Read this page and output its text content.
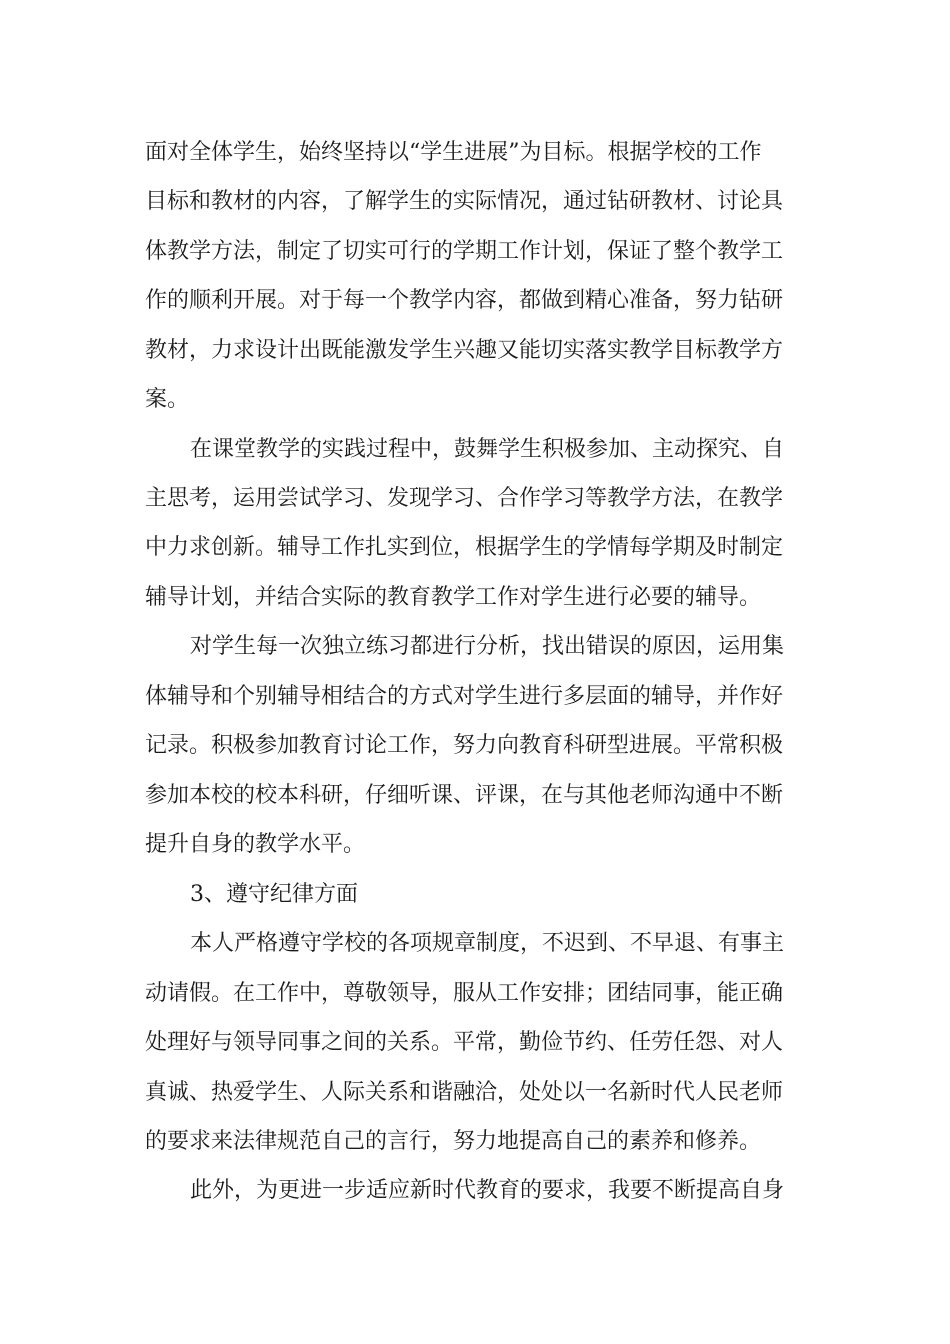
面对全体学生，始终坚持以“学生进展”为目标。根据学校的工作

目标和教材的内容，了解学生的实际情况，通过钻研教材、讨论具

体教学方法，制定了切实可行的学期工作计划，保证了整个教学工

作的顺利开展。对于每一个教学内容，都做到精心准备，努力钻研

教材，力求设计出既能激发学生兴趣又能切实落实教学目标教学方

案。

在课堂教学的实践过程中，鼓舞学生积极参加、主动探究、自

主思考，运用尝试学习、发现学习、合作学习等教学方法，在教学

中力求创新。辅导工作扎实到位，根据学生的学情每学期及时制定

辅导计划，并结合实际的教育教学工作对学生进行必要的辅导。

对学生每一次独立练习都进行分析，找出错误的原因，运用集

体辅导和个别辅导相结合的方式对学生进行多层面的辅导，并作好

记录。积极参加教育讨论工作，努力向教育科研型进展。平常积极

参加本校的校本科研，仔细听课、评课，在与其他老师沟通中不断

提升自身的教学水平。

3、遵守纪律方面

本人严格遵守学校的各项规章制度，不迟到、不早退、有事主

动请假。在工作中，尊敬领导，服从工作安排；团结同事，能正确

处理好与领导同事之间的关系。平常，勤俭节约、任劳任怨、对人

真诚、热爱学生、人际关系和谐融洽，处处以一名新时代人民老师

的要求来法律规范自己的言行，努力地提高自己的素养和修养。

此外，为更进一步适应新时代教育的要求，我要不断提高自身
